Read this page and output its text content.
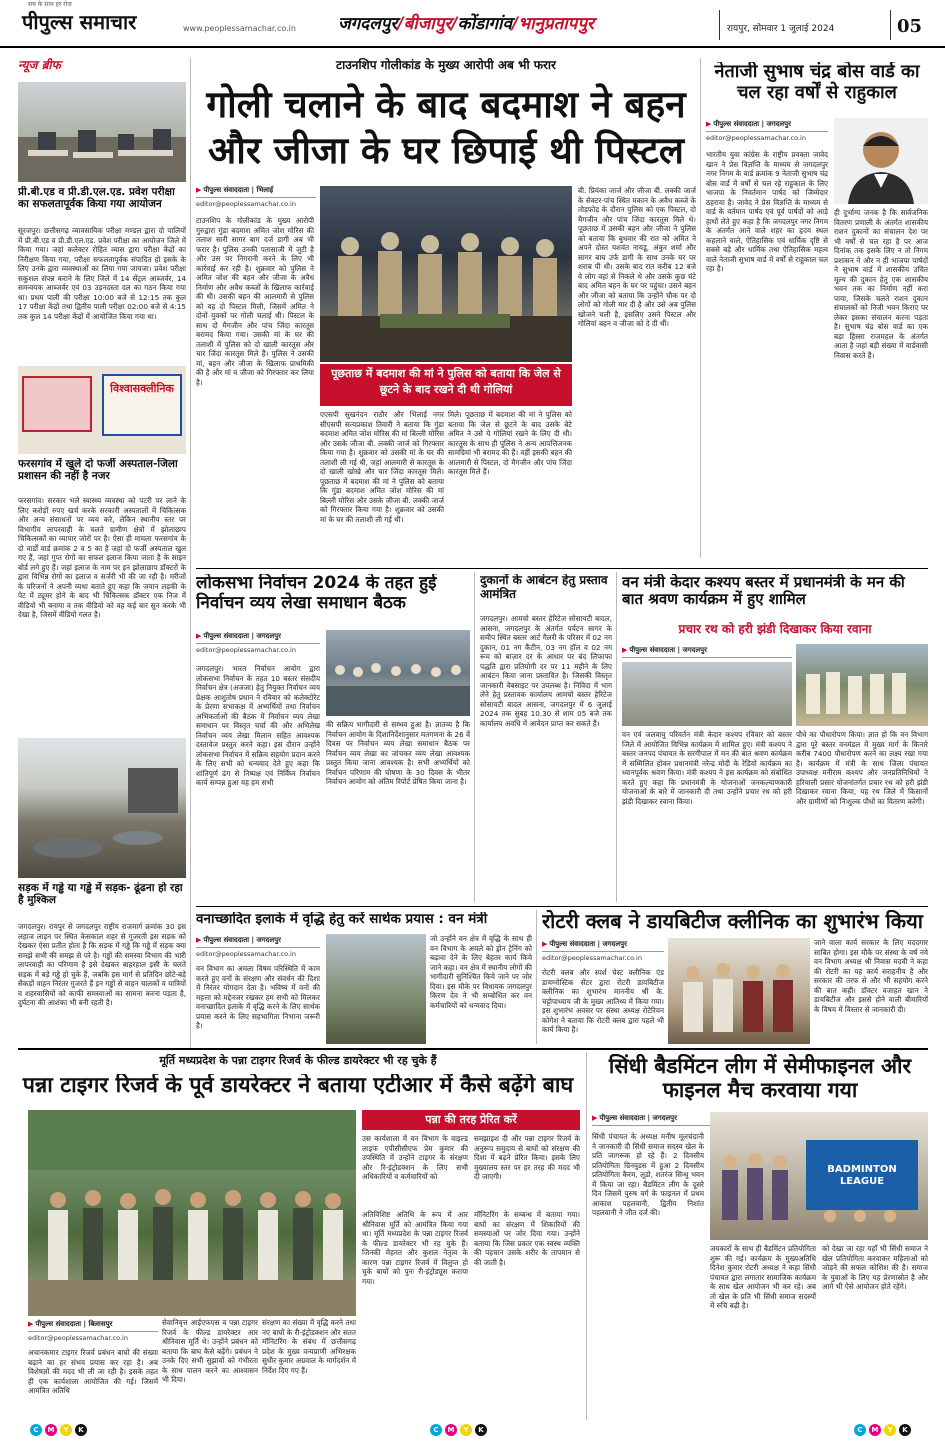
सच के साथ हर रोज
पीपुल्स समाचार	www.peoplessamachar.co.in जगदलपुर/बीजापुर/कोंडागांव/भानुप्रतापपुर	रायपुर, सोमवार 1 जुलाई 2024	05
न्यूज ब्रीफ
प्री.बी.एड व प्री.डी.एल.एड. प्रवेश परीक्षा का सफलतापूर्वक किया गया आयोजन
सूरजपुर। छत्तीसगढ़ व्यावसायिक परीक्षा मण्डल द्वारा दो पालियों में प्री.बी.एड व प्री.डी.एल.एड. प्रवेश परीक्षा का आयोजन जिले में किया गया। जहां कलेक्टर रोहित व्यास द्वारा परीक्षा केंद्रों का निरीक्षण किया गया, परीक्षा सफलतापूर्वक संपादित हो इसके के लिए उनके द्वारा व्यवस्थाओं का लिया गया जायजा। प्रवेश परीक्षा सकुशल संपन्न कराने के लिए जिले में 14 सेंट्रल आब्जर्वर, 14 समन्वयक आब्जर्वर एवं 03 उड़नदस्ता दल का गठन किया गया था। प्रथम पाली की परीक्षा 10:00 बजे से 12:15 तक कुल 17 परीक्षा केंद्रों तथा द्वितीय पाली परीक्षा 02:00 बजे से 4:15 तक कुल 14 परीक्षा केंद्रों में आयोजित किया गया था।
विश्वासक्लीनिक
फरसगांव में खुले दो फर्जी अस्पताल-जिला प्रशासन की नहीं है नजर
फरसगांव। सरकार भले स्वास्थ्य व्यवस्था को पटरी पर लाने के लिए करोड़ों रुपए खर्च करके सरकारी अस्पतालों में चिकित्सक और अन्य संसाधनों पर व्यय करे, लेकिन स्थानीय स्तर पर विभागीय लापरवाही के चलते ग्रामीण क्षेत्रों में झोलाछाप चिकित्सकों का व्यापार जोरों पर है। ऐसा ही मामला फरसगांव के दो वार्डों वार्ड क्रमांक 2 व 5 का है जहां दो फर्जी अस्पताल खुल गए हैं, जहां गुप्त रोगों का सफल इलाज किया जाता है के साइन बोर्ड लगे हुए हैं। जहां इलाज के नाम पर इन झोलाछाप डॉक्टरों के द्वारा विभिन्न रोगों का इलाज व सर्जरी भी की जा रही है। मरीजों के परिजनों ने अपनी व्यथा बताते हुए कहा कि जयान लड़की के पेट में ट्यूमर होने के बाद भी चिकित्सक डॉक्टर एक निज में वीडियो भी बनाया व तक वीडियो को वह कई बार सुन करके भी देखा है, जिसमें वीडियो गलत है।
सड़क में गड्ढे या गड्ढे में सड़क- ढूंढना हो रहा है मुश्किल
जगदलपुर। रायपुर से जगदलपुर राष्ट्रीय राजमार्ग क्रमांक 30 इस लहाज लाइन पर स्थित केसकाल शहर से गुजरती इस सड़क को देखकर ऐसा प्रतीत होता है कि सड़क में गड्ढे कि गड्ढे में सड़क क्या समझे सभी की समझ से परे है। गड्ढों की समस्या विभाग की भारी लापरवाही का परिणाम है इसे देखकर बाहरहाल इसी के चलते सड़क में बड़े गड्ढे हो चुके हैं, जबकि इस मार्ग से प्रतिदिन छोटे-बड़े सैकड़ों वाहन निरंतर गुजरते हैं इन गड्ढों से वाहन चालकों व यात्रियों व शहरवासियों को काफी समस्याओं का सामना करना पड़ता है, दुर्घटना की आशंका भी बनी रहती है।
टाउनशिप गोलीकांड के मुख्य आरोपी अब भी फरार
गोली चलाने के बाद बदमाश ने बहन और जीजा के घर छिपाई थी पिस्टल
▶ पीपुल्स संवाददाता | भिलाई
editor@peoplessamachar.co.in
टाउनशिप के गोलीकांड के मुख्य आरोपी गुरुद्वारा गुंडा बदमाश अमित जोश मोरिस की तलाश सारी सागर बाग दर्ज डागी अब भी फरार है। पुलिस उनकी पतासाजी में जुटी है और उस पर निगरानी करने के लिए भी कार्रवाई कर रही है। शुक्रवार को पुलिस ने अमित जोश की बहन और जीजा के अवैध निर्माण और अवैध कब्जों के खिलाफ कार्रवाई की थी। उसकी बहन की आलमारी से पुलिस को वह दो पिस्टल मिली, जिसमें अमित ने दोनों युवकों पर गोली चलाई थी। पिस्टल के साथ दो मैगजीन और पांच जिंदा कारतूस बरामद किया गया। उसकी मां के घर की तलाशी में पुलिस को दो खाली कारतूस और चार जिंदा कारतूस मिले हैं। पुलिस ने उसकी मां, बहन और जीजा के खिलाफ प्राथमिकी की है और मां व जीजा को गिरफ्तार कर लिया है।
पूछताछ में बदमाश की मां ने पुलिस को बताया कि जेल से छूटने के बाद रखने दी थी गोलियां
एएसपी सुखनंदन राठौर और भिलाई नगर सीएसपी सत्यप्रकाश तिवारी ने बताया कि गुंडा बदमाश अमित जोश मोरिस की मां बिल्ली मोरिस और उसके जीजा बी. लक्की जार्ज को गिरफ्तार किया गया है। शुक्रवार को उसकी मां के घर की तलाशी ली गई थी, जहां आलमारी से कारतूस के दो खाली खोखे और चार जिंदा कारतूस मिले। पूछताछ में बदमाश की मां ने पुलिस को बताया कि गुंडा बदमाश अमित जोश मोरिस की मां बिल्ली मोरिस और उसके जीजा बी. लक्की जार्ज को गिरफ्तार किया गया है। शुक्रवार को उसकी मां के घर की तलाशी ली गई थी।
मिले। पूछताछ में बदमाश की मां ने पुलिस को बताया कि जेल से छूटने के बाद उसके बेटे अमित ने उसे ये गोलियां रखने के लिए दी थी। कारतूस के साथ ही पुलिस ने अन्य आपत्तिजनक सामग्रियां भी बरामद की हैं। वहीं इसकी बहन की आलमारी से पिस्टल, दो मैगजीन और पांच जिंदा कारतूस मिले हैं।
बी. प्रियंका जार्ज और जीजा बी. लक्की जार्ज के सेक्टर-पांच स्थित मकान के अवैध कब्जे के तोड़फोड़ के दौरान पुलिस को एक पिस्टल, दो मैगजीन और पांच जिंदा कारतूस मिले थे। पूछताछ में उसकी बहन और जीजा ने पुलिस को बताया कि बुधवार की रात को अमित ने अपने दोस्त यशवंत नायडू, अंकुर शर्मा और सागर बाघ उर्फ डागी के साथ उनके घर पर शराब पी थी। उसके बाद रात करीब 12 बजे वे लोग वहां से निकले थे और उसके कुछ घंटे बाद अमित बहन के घर पर पहुंचा। उसने बहन और जीजा को बताया कि उन्होंने चौक पर दो लोगों को गोली मार दी है और उसे अब पुलिस खोजने चली है, इसलिए उसने पिस्टल और गोलियां बहन व जीजा को दे दी थीं।
नेताजी सुभाष चंद्र बोस वार्ड का चल रहा वर्षों से राहुकाल
▶ पीपुल्स संवाददाता | जगदलपुर
editor@peoplessamachar.co.in
भारतीय युवा कांग्रेस के राष्ट्रीय प्रवक्ता जावेद खान ने प्रेस विज्ञप्ति के माध्यम से जगदलपुर नगर निगम के वार्ड क्रमांक 9 नेताजी सुभाष चंद्र बोस वार्ड में वर्षों से चल रहे राहुकाल के लिए भाजपा के निवर्तमान पार्षद को जिम्मेदार ठहराया है। जावेद ने प्रेस विज्ञप्ति के माध्यम से वार्ड के वर्तमान पार्षद एवं पूर्व पार्षदों को आड़े हाथों लेते हुए कहा है कि जगदलपुर नगर निगम के अंतर्गत आने वाले शहर का हृदय स्थल कहलाने वाले, ऐतिहासिक एवं धार्मिक दृष्टि से सबसे बड़े और धार्मिक तथा ऐतिहासिक महत्व वाले नेताजी सुभाष वार्ड में वर्षों से राहुकाल चल रहा है।
ही दुर्भाग्य जनक है कि सार्वजनिक वितरण प्रणाली के अंतर्गत शासकीय राशन दुकानों का संचालन देश पर भी वर्षों से चल रहा है पर आज दिनांक तक इसके लिए न तो निगम प्रशासन ने और न ही भाजपा पार्षदों ने सुभाष वार्ड में शासकीय उचित मूल्य की दुकान हेतु एक शासकीय भवन तक का निर्माण नहीं करा पाया, जिसके चलते राशन दुकान संचालकों को निजी भवन किराए पर लेकर इसका संचालन करना पड़ता है। सुभाष चंद्र बोस वार्ड का एक बड़ा हिस्सा राजमहल के अंतर्गत आता है जहां बड़ी संख्या में वार्डवासी निवास करते हैं।
लोकसभा निर्वाचन 2024 के तहत हुई निर्वाचन व्यय लेखा समाधान बैठक
▶ पीपुल्स संवाददाता | जगदलपुर
editor@peoplessamachar.co.in
जगदलपुर। भारत निर्वाचन आयोग द्वारा लोकसभा निर्वाचन के तहत 10 बस्तर संसदीय निर्वाचन क्षेत्र (अजजा) हेतु नियुक्त निर्वाचन व्यय प्रेक्षक आशुतोष प्रधान ने रविवार को कलेक्टोरेट के प्रेरणा सभाकक्ष में अभ्यर्थियों तथा निर्वाचन अभिकर्ताओं की बैठक में निर्वाचन व्यय लेखा समाधान पर विस्तृत चर्चा की और अभिलेख निर्वाचन व्यय लेखा मिलान सहित आवश्यक दस्तावेज प्रस्तुत करने कहा। इस दौरान उन्होंने लोकसभा निर्वाचन में सक्रिय सहयोग प्रदान करने के लिए सभी को धन्यवाद देते हुए कहा कि शांतिपूर्ण ढंग से निष्पक्ष एवं निर्विघ्न निर्वाचन कार्य सम्पन्न हुआ यह हम सभी
की सक्रिय भागीदारी से सम्भव हुआ है। ज्ञातव्य है कि निर्वाचन आयोग के दिशानिर्देशानुसार मतगणना के 26 वें दिवस पर निर्वाचन व्यय लेखा समाधान बैठक पर निर्वाचन व्यय लेखा का जांचकर व्यय लेखा आवश्यक प्रस्तुत किया जाना आवश्यक है। सभी अभ्यर्थियों को निर्वाचन परिणाम की घोषणा के 30 दिवस के भीतर निर्वाचन आयोग को अंतिम रिपोर्ट प्रेषित किया जाना है।
दुकानों के आबंटन हेतु प्रस्ताव आमंत्रित
जगदलपुर। आमचो बस्तर हेरिटेज सोसायटी बादल, आसना, जगदलपुर के अंतर्गत पर्यटन सागर के समीप स्थित बस्तर आर्ट गैलरी के परिसर में 02 नग दुकान, 01 नग कैंटीन, 03 नग हॉल व 02 नग रूम को बाज़ार दर के आधार पर बंद लिफाफा पद्धति द्वारा प्रतियोगी दर पर 11 महीने के लिए आबंटन किया जाना प्रस्तावित है। जिसकी विस्तृत जानकारी वेबसाइट पर उपलब्ध है। निविदा में भाग लेने हेतु प्रस्तावक कार्यालय आमचो बस्तर हेरिटेज सोसायटी बादल आसना, जगदलपुर में 6 जुलाई 2024 तक सुबह 10.30 से शाम 05 बजे तक कार्यालय अवधि में आवेदन प्राप्त कर सकते हैं।
वन मंत्री केदार कश्यप बस्तर में प्रधानमंत्री के मन की बात श्रवण कार्यक्रम में हुए शामिल
प्रचार रथ को हरी झंडी दिखाकर किया रवाना
▶ पीपुल्स संवाददाता | जगदलपुर
वन एवं जलवायु परिवर्तन मंत्री केदार कश्यप रविवार को बस्तर जिले में आयोजित विभिन्न कार्यक्रम में शामिल हुए। मंत्री कश्यप ने बस्तर जनपद पंचायत के सरगीपाल में मन की बात श्रवण कार्यक्रम में सम्मिलित होकर प्रधानमंत्री नरेन्द्र मोदी के रेडियो कार्यक्रम का ध्यानपूर्वक श्रवण किया। मंत्री कश्यप ने इस कार्यक्रम को संबोधित करते हुए कहा कि प्रधानमंत्री के योजनाओं जनकल्याणकारी योजनाओं के बारे में जानकारी दी तथा उन्होंने प्रचार रथ को हरी झंडी दिखाकर रवाना किया।
पौधे का पौधारोपण किया। ज्ञात हो कि वन विभाग द्वारा पूरे बस्तर वनमंडल में मुख्य मार्ग के किनारे करीब 7400 पौधारोपण करने का लक्ष्य रखा गया है। कार्यक्रम में मंत्री के साथ जिला पंचायत उपाध्यक्ष मनीराम कश्यप और जनप्रतिनिधियों ने हरियाली प्रसार योजनांतर्गत प्रचार रथ को हरी झंडी दिखाकर रवाना किया, यह रथ जिले में किसानों और ग्रामीणों को निःशुल्क पौधों का वितरण करेगी।
वनाच्छादित इलाके में वृद्धि हेतु करें सार्थक प्रयास : वन मंत्री
▶ पीपुल्स संवाददाता | जगदलपुर
editor@peoplessamachar.co.in
वन विभाग का अमला विषम परिस्थिति में काम करते हुए वनों के संरक्षण और संवर्धन की दिशा में निरंतर योगदान देता है। भविष्य में वनों की महत्ता को मद्देनजर रखकर हम सभी को मिलकर वनाच्छादित इलाके में वृद्धि करने के लिए सार्थक प्रयास करने के लिए सहभागिता निभाना जरूरी है।
जो उन्होंने वन क्षेत्र में वृद्धि के साथ ही वन विभाग के अमले को ड्रोन ट्रेनिंग को बढ़ावा देने के लिए बेहतर कार्य किये जाने कहा। वन क्षेत्र में स्थानीय लोगों की भागीदारी सुनिश्चित किये जाने पर जोर दिया। इस मौके पर विधायक जगदलपुर किरण देव ने भी सम्बोधित कर वन कर्मचारियों को धन्यवाद दिया।
रोटरी क्लब ने डायबिटीज क्लीनिक का शुभारंभ किया
▶ पीपुल्स संवाददाता | जगदलपुर
editor@peoplessamachar.co.in
रोटरी क्लब और स्पर्श चेस्ट क्लीनिक एंड डायग्नोस्टिक सेंटर द्वारा रोटरी डायबिटीज क्लीनिक का शुभारंभ माननीय श्री के. चट्टोपाध्याय जी के मुख्य आतिथ्य में किया गया। इस शुभारंभ अवसर पर संस्था अध्यक्ष रोटेरियन कोगेश ने बताया कि रोटरी क्लब द्वारा पहले भी कार्य किया है।
जाने वाला कार्य सरकार के लिए मददगार साबित होगा। इस मौके पर संस्था के वर्ष नये वन विभाग अध्यक्ष श्री निवास मदवी ने कहा की रोटरी का यह कार्य सराहनीय है और सरकार की तरफ से और भी सहयोग करने की बात कही। डॉक्टर वजाहत खान ने डायबिटीज और इससे होने वाली बीमारियों के विषय में विस्तार से जानकारी दी।
मूर्ति मध्यप्रदेश के पन्ना टाइगर रिजर्व के फील्ड डायरेक्टर भी रह चुके हैं
पन्ना टाइगर रिजर्व के पूर्व डायरेक्टर ने बताया एटीआर में कैसे बढ़ेंगे बाघ
▶ पीपुल्स संवाददाता | बिलासपुर
editor@peoplessamachar.co.in
अचानकमार टाइगर रिजर्व प्रबंधन बाघों की संख्या बढ़ाने का हर संभव प्रयास कर रहा है। अब विशेषज्ञों की मदद भी ली जा रही है। इसके तहत ही एक कार्यशाला आयोजित की गई। जिसमें आमंत्रित अतिथि
सेवानिवृत्त आईएफएस व पन्ना टाइगर रिजर्व के फील्ड डायरेक्टर आर श्रीनिवास मूर्ति थे। उन्होंने प्रबंधन को बताया कि बाघ कैसे बढ़ेंगे। प्रबंधन ने उनके दिए सभी सुझावों को गंभीरता के साथ पालन करने का आश्वासन भी दिया।
संरक्षण का संख्या में वृद्धि करने तथा नए बाघों के री-इंट्रोडक्शन और सतत मॉनिटरिंग के संबंध में छत्तीसगढ़ प्रदेश के मुख्य वन्यप्राणी अभिरक्षक सुधीर कुमार अग्रवाल के मार्गदर्शन में निर्देश दिए गए हैं।
पन्ना की तरह प्रेरित करें
उस कार्यशाला में वन विभाग के वाइल्ड लाइफ एपीसीसीएफ प्रेम कुमार की उपस्थिति में उन्होंने टाइगर के संरक्षण और रि-इंट्रोडक्शन के लिए सभी अधिकारियों व कर्मचारियों को
समझाइश दी और पन्ना टाइगर रिजर्व के अनुरूप समुदाय से बाघों को संरक्षण की दिशा में बढ़ने प्रेरित किया। इसके लिए मुख्यालय स्तर पर हर तरह की मदद भी दी जाएगी।
अतिविशिष्ट अतिथि के रूप में आर श्रीनिवास मूर्ति को आमंत्रित किया गया था। मूर्ति मध्यप्रदेश के पन्ना टाइगर रिजर्व के फील्ड डायरेक्टर भी रह चुके हैं। जिनकी मेहनत और कुशल नेतृत्व के कारण पन्ना टाइगर रिजर्व में विलुप्त हो चुके बाघों को पुनः री-इंट्रोड्यूस कराया गया।
मॉनिटरिंग के सम्बन्ध में बताया गया। बाघों का संरक्षण में शिकारियों की समस्याओं पर जोर दिया गया। उन्होंने बताया कि जिस प्रकार एक स्वस्थ व्यक्ति की पहचान उसके शरीर के तापमान से की जाती है।
सिंधी बैडमिंटन लीग में सेमीफाइनल और फाइनल मैच करवाया गया
▶ पीपुल्स संवाददाता | जगदलपुर
सिंधी पंचायत के अध्यक्ष मनीष मूलचंदानी ने जानकारी दी सिंधी समाज सदस्य खेल के प्रति जागरूक हो रहे हैं। 2 दिवसीय प्रतियोगिता ग्रिनवुडस में हुआ 2 दिवसीय प्रतियोगिता कैरम, लूडो, शतरंज सिन्धु भवन में किया जा रहा। बैडमिंटन लीग के दूसरे दिन जिसमें पुरुष वर्ग के फाइनल में प्रथम आकाश पहलवानी, द्वितीय निशांत पहलवानी ने जीत दर्ज की।
BADMINTON LEAGUE
जयकारों के साथ ही बैडमिंटन प्रतियोगिता शुरू की गई। कार्यक्रम के मुख्यअतिथि दिनेश कुमार रोटरी अध्यक्ष ने कहा सिंधी पंचायत द्वारा लगातार सामाजिक कार्यक्रम के साथ खेल आयोजन भी कर रहे। अब तो खेल के प्रति भी सिंधी समाज सदस्यों में रुचि बढ़ी है।
को देखा जा रहा यहाँ भी सिंधी समाज ने खेल प्रतियोगिता करवाकर महिलाओं को जोड़ने की सफल कोशिश की है। समाज के युवाओं के लिए यह प्रेरणास्रोत है और आगे भी ऐसे आयोजन होते रहेंगे।
C	M	Y	K	C	M	Y	K	C	M	Y	K
